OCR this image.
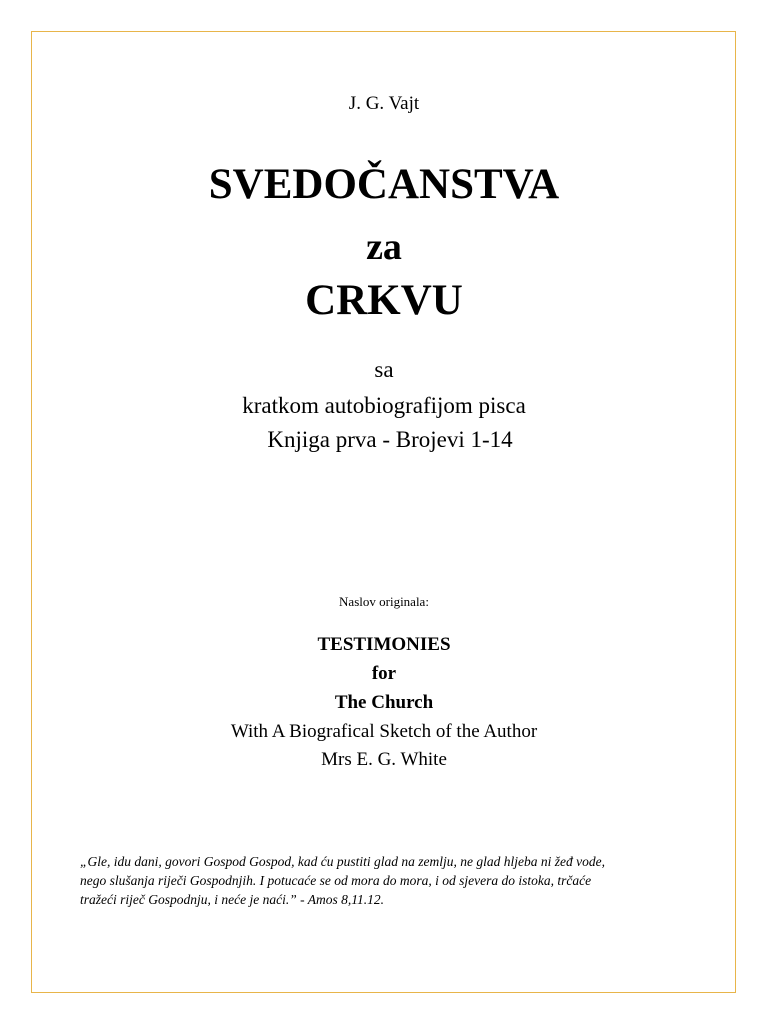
J. G. Vajt
SVEDOČANSTVA
za
CRKVU
sa
kratkom autobiografijom pisca
Knjiga prva - Brojevi 1-14
Naslov originala:
TESTIMONIES
for
The Church
With A Biografical Sketch of the Author
Mrs E. G. White
„Gle, idu dani, govori Gospod Gospod, kad ću pustiti glad na zemlju, ne glad hljeba ni žeđ vode,
nego slušanja riječi Gospodnjih. I potucaće se od mora do mora, i od sjevera do istoka, trčaće
tražeći riječ Gospodnju, i neće je naći.” - Amos 8,11.12.
